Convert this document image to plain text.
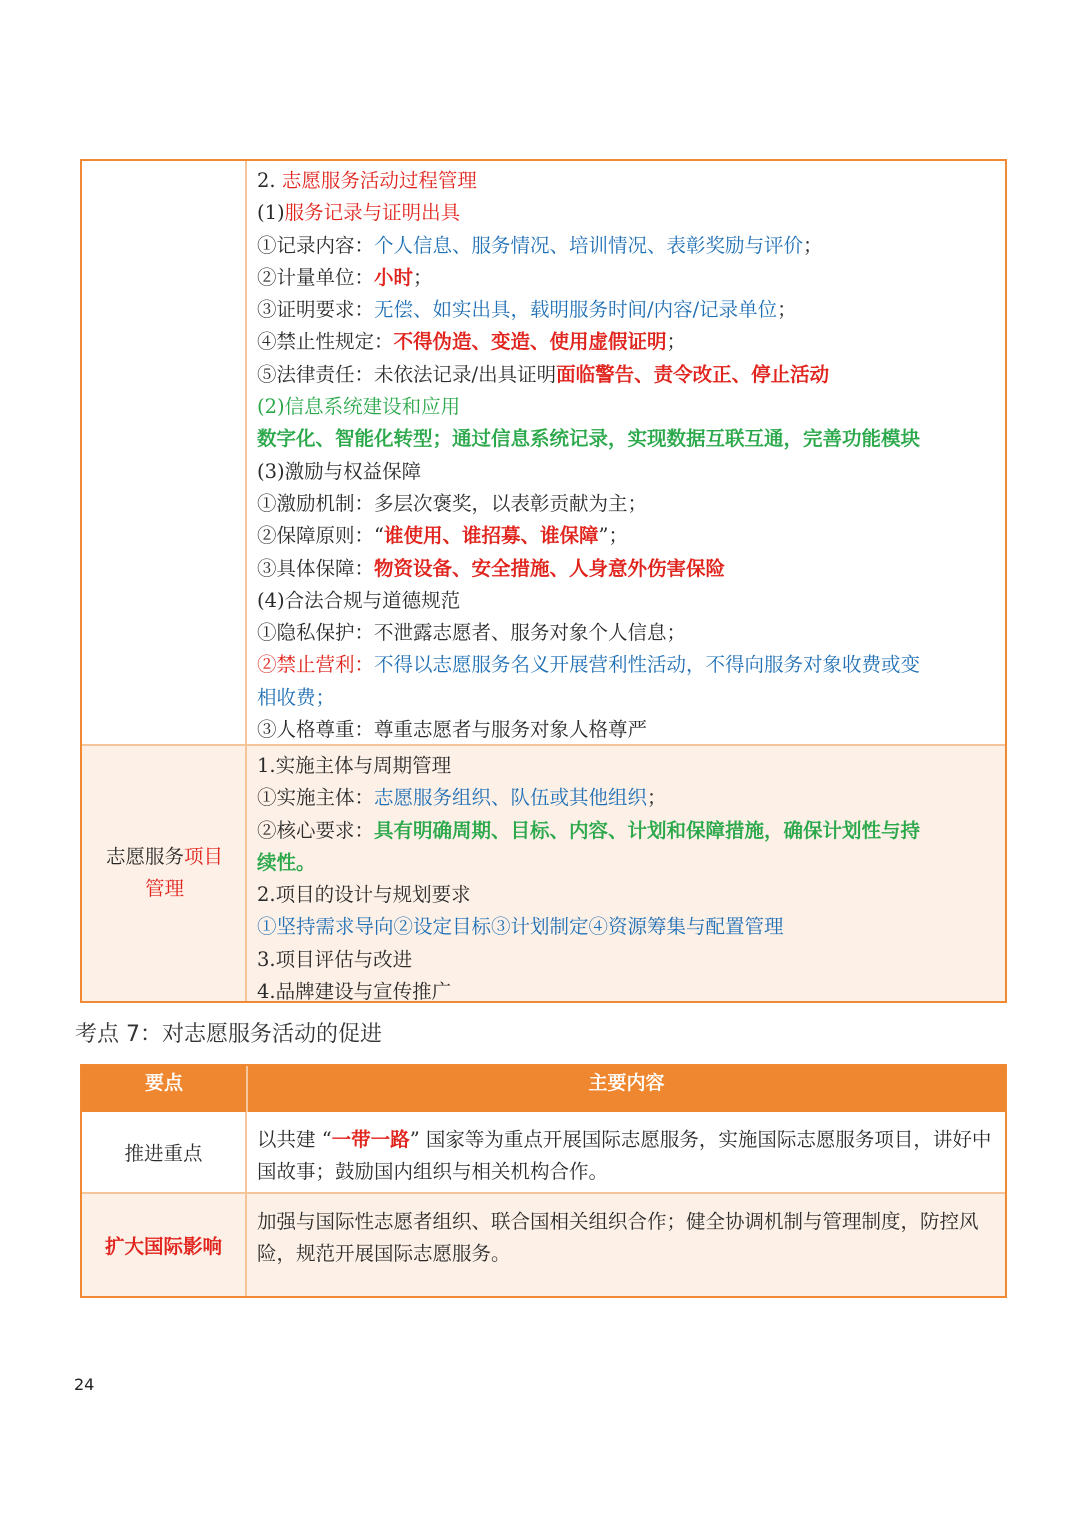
2. 志愿服务活动过程管理
(1)服务记录与证明出具
①记录内容：个人信息、服务情况、培训情况、表彰奖励与评价；
②计量单位：小时；
③证明要求：无偿、如实出具，载明服务时间/内容/记录单位；
④禁止性规定：不得伪造、变造、使用虚假证明；
⑤法律责任：未依法记录/出具证明面临警告、责令改正、停止活动
(2)信息系统建设和应用
数字化、智能化转型；通过信息系统记录，实现数据互联互通，完善功能模块
(3)激励与权益保障
①激励机制：多层次褒奖，以表彰贡献为主；
②保障原则：“谁使用、谁招募、谁保障”；
③具体保障：物资设备、安全措施、人身意外伤害保险
(4)合法合规与道德规范
①隐私保护：不泄露志愿者、服务对象个人信息；
②禁止营利：不得以志愿服务名义开展营利性活动，不得向服务对象收费或变
相收费；
③人格尊重：尊重志愿者与服务对象人格尊严
志愿服务项目
管理
1.实施主体与周期管理
①实施主体：志愿服务组织、队伍或其他组织；
②核心要求：具有明确周期、目标、内容、计划和保障措施，确保计划性与持
续性。
2.项目的设计与规划要求
①坚持需求导向②设定目标③计划制定④资源筹集与配置管理
3.项目评估与改进
4.品牌建设与宣传推广
考点 7：对志愿服务活动的促进
要点	主要内容
推进重点
以共建 “一带一路” 国家等为重点开展国际志愿服务，实施国际志愿服务项目，讲好中国故事；鼓励国内组织与相关机构合作。
扩大国际影响
加强与国际性志愿者组织、联合国相关组织合作；健全协调机制与管理制度，防控风险，规范开展国际志愿服务。
24
